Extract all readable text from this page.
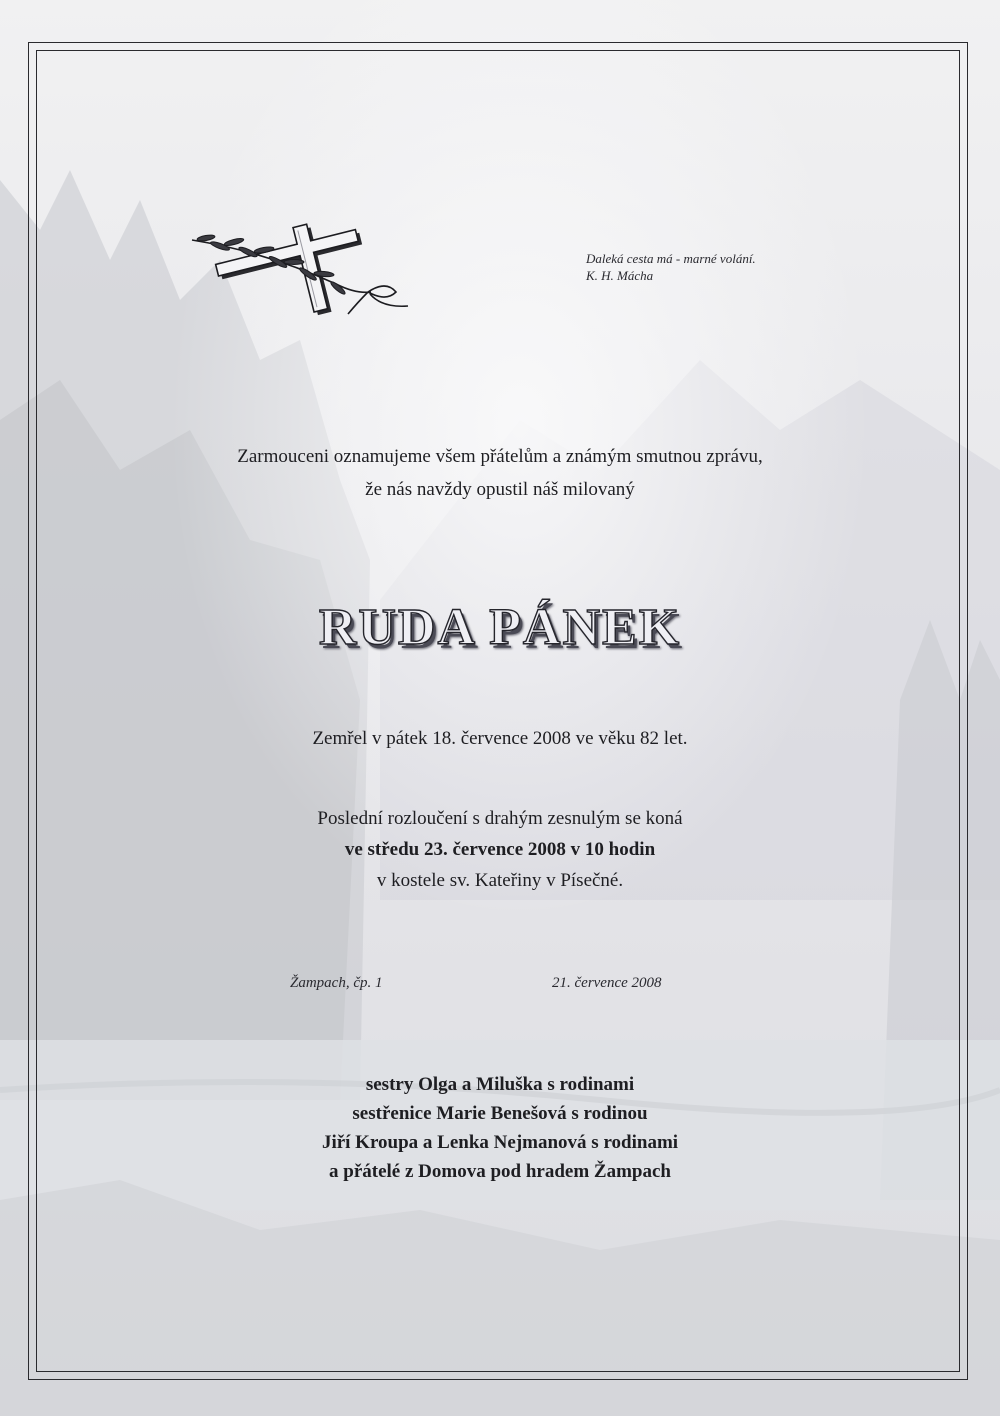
Daleká cesta má - marné volání.
K. H. Mácha
Zarmouceni oznamujeme všem přátelům a známým smutnou zprávu,
že nás navždy opustil náš milovaný
RUDA PÁNEK
Zemřel v pátek 18. července 2008 ve věku 82 let.
Poslední rozloučení s drahým zesnulým se koná
ve středu 23. července 2008 v 10 hodin
v kostele sv. Kateřiny v Písečné.
Žampach, čp. 1	21. července 2008
sestry Olga a Miluška s rodinami
sestřenice Marie Benešová s rodinou
Jiří Kroupa a Lenka Nejmanová s rodinami
a přátelé z Domova pod hradem Žampach
